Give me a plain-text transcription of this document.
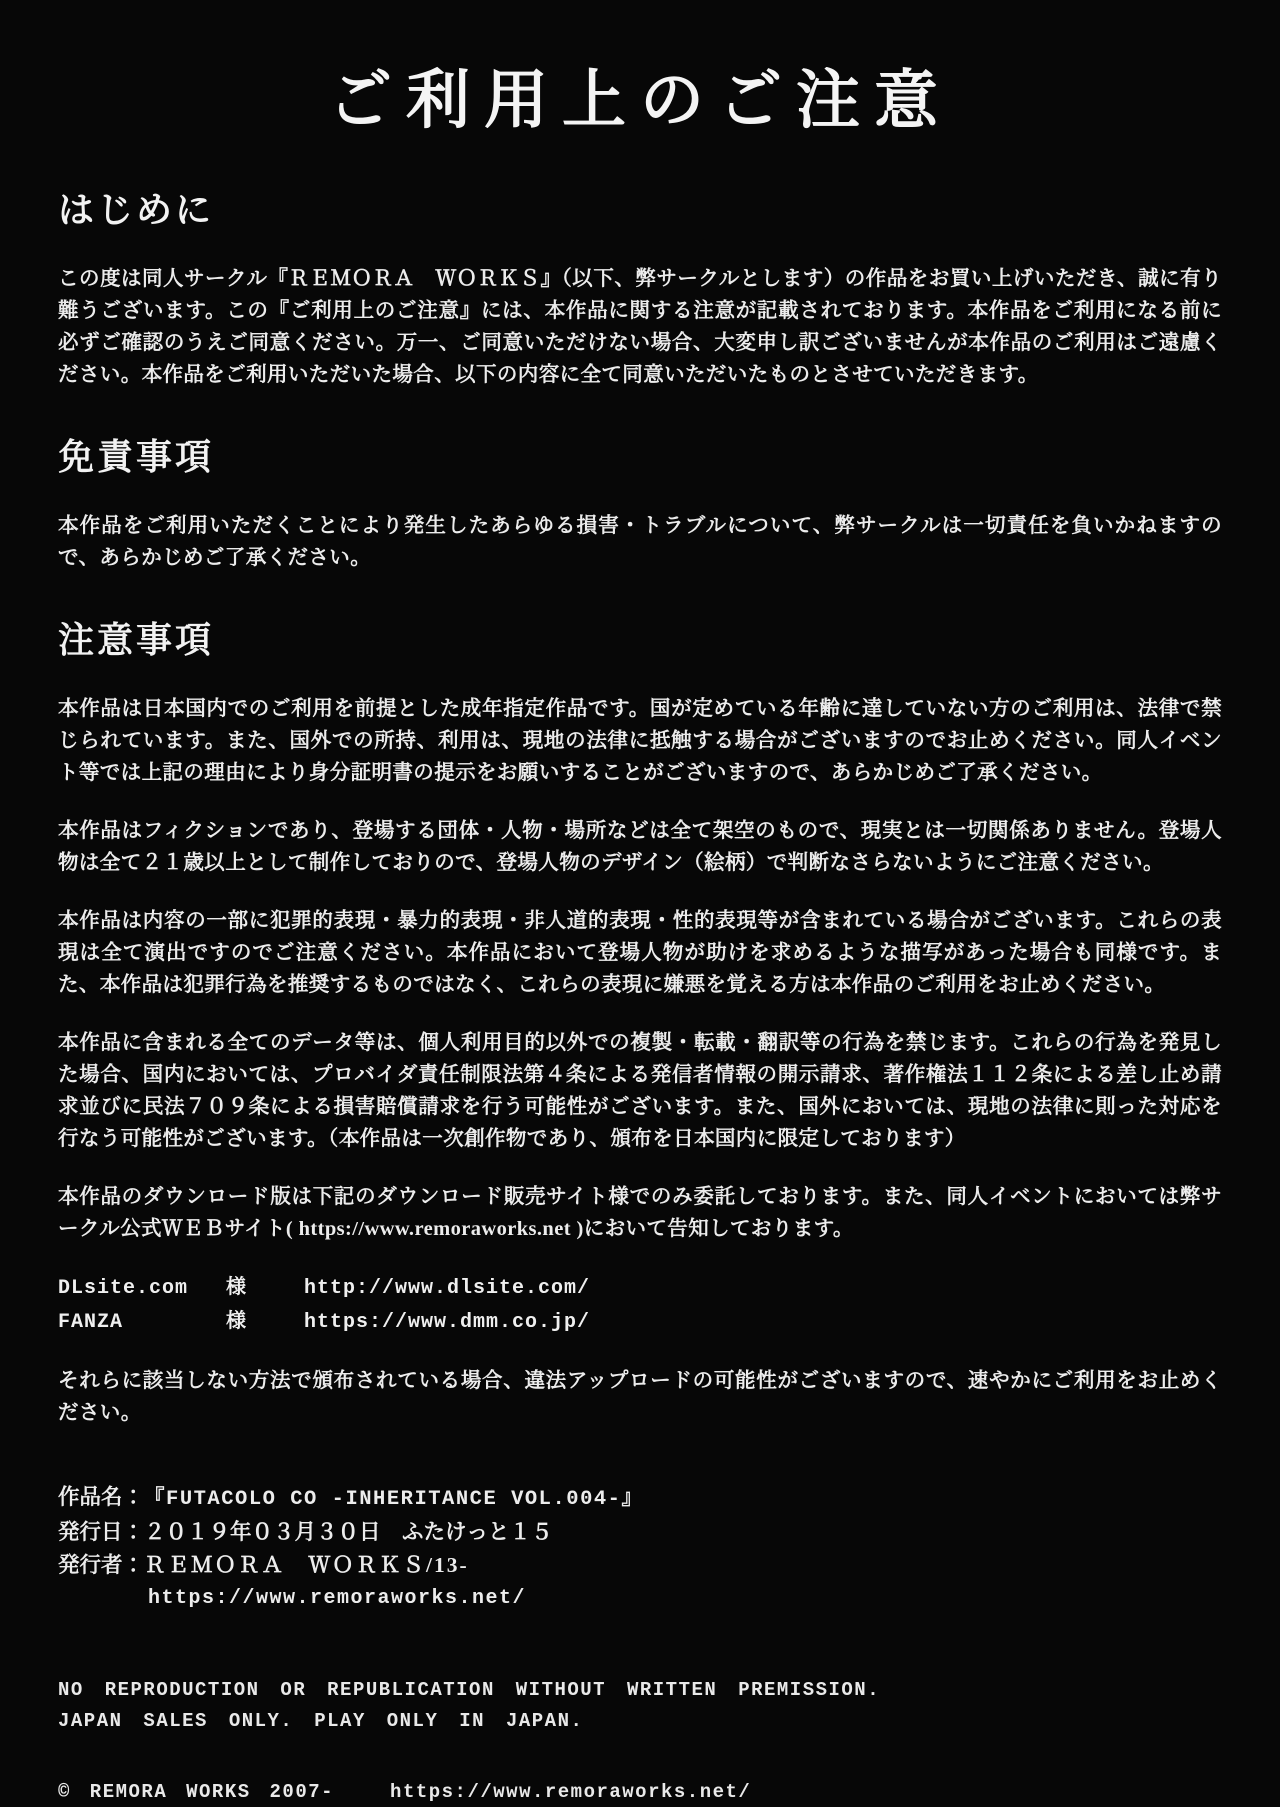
ご利用上のご注意
はじめに

この度は同人サークル『ＲＥＭＯＲＡ　ＷＯＲＫＳ』（以下、弊サークルとします）の作品をお買い上げいただき、誠に有り難うございます。この『ご利用上のご注意』には、本作品に関する注意が記載されております。本作品をご利用になる前に必ずご確認のうえご同意ください。万一、ご同意いただけない場合、大変申し訳ございませんが本作品のご利用はご遠慮ください。本作品をご利用いただいた場合、以下の内容に全て同意いただいたものとさせていただきます。

免責事項

本作品をご利用いただくことにより発生したあらゆる損害・トラブルについて、弊サークルは一切責任を負いかねますので、あらかじめご了承ください。

注意事項

本作品は日本国内でのご利用を前提とした成年指定作品です。国が定めている年齢に達していない方のご利用は、法律で禁じられています。また、国外での所持、利用は、現地の法律に抵触する場合がございますのでお止めください。同人イベント等では上記の理由により身分証明書の提示をお願いすることがございますので、あらかじめご了承ください。

本作品はフィクションであり、登場する団体・人物・場所などは全て架空のもので、現実とは一切関係ありません。登場人物は全て２１歳以上として制作しておりので、登場人物のデザイン（絵柄）で判断なさらないようにご注意ください。

本作品は内容の一部に犯罪的表現・暴力的表現・非人道的表現・性的表現等が含まれている場合がございます。これらの表現は全て演出ですのでご注意ください。本作品において登場人物が助けを求めるような描写があった場合も同様です。また、本作品は犯罪行為を推奨するものではなく、これらの表現に嫌悪を覚える方は本作品のご利用をお止めください。

本作品に含まれる全てのデータ等は、個人利用目的以外での複製・転載・翻訳等の行為を禁じます。これらの行為を発見した場合、国内においては、プロバイダ責任制限法第４条による発信者情報の開示請求、著作権法１１２条による差し止め請求並びに民法７０９条による損害賠償請求を行う可能性がございます。また、国外においては、現地の法律に則った対応を行なう可能性がございます。（本作品は一次創作物であり、頒布を日本国内に限定しております）

本作品のダウンロード版は下記のダウンロード販売サイト様でのみ委託しております。また、同人イベントにおいては弊サークル公式ＷＥＢサイト( https://www.remoraworks.net )において告知しております。

DLsite.com	様	http://www.dlsite.com/
FANZA	様	https://www.dmm.co.jp/

それらに該当しない方法で頒布されている場合、違法アップロードの可能性がございますので、速やかにご利用をお止めください。

作品名： 『FUTACOLO CO -INHERITANCE VOL.004-』
発行日： ２０１９年０３月３０日　ふたけっと１５
発行者： ＲＥＭＯＲＡ　ＷＯＲＫＳ/13-
https://www.remoraworks.net/
NO REPRODUCTION OR REPUBLICATION WITHOUT WRITTEN PREMISSION.
JAPAN SALES ONLY. PLAY ONLY IN JAPAN.
© REMORA WORKS 2007-	https://www.remoraworks.net/
